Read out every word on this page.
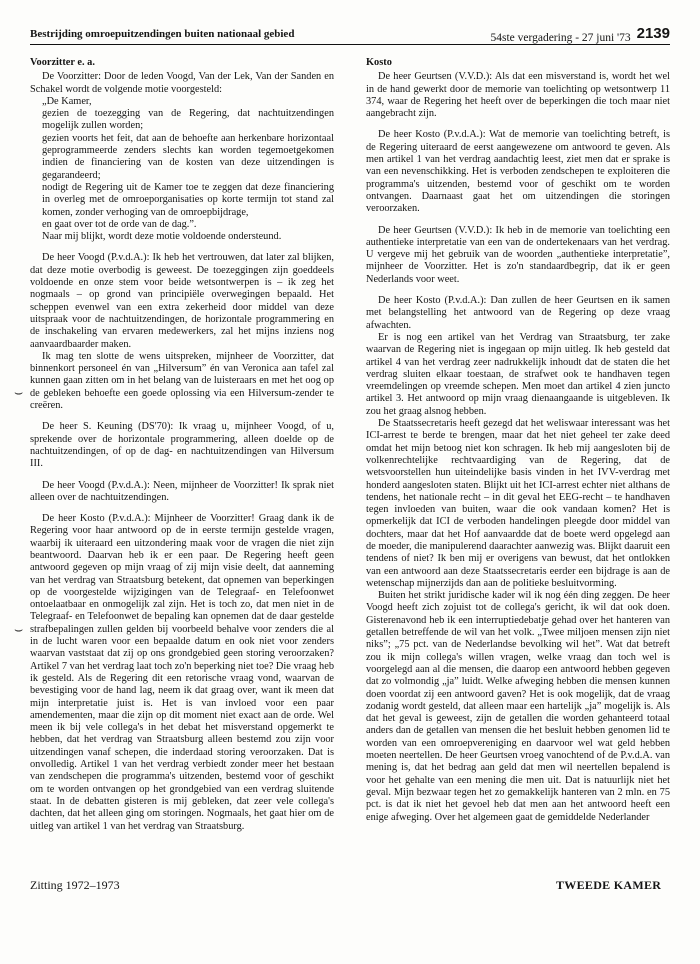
Bestrijding omroepuitzendingen buiten nationaal gebied	54ste vergadering - 27 juni '73 2139

Voorzitter e. a.

De Voorzitter: Door de leden Voogd, Van der Lek, Van der Sanden en Schakel wordt de volgende motie voorgesteld:

„De Kamer,

gezien de toezegging van de Regering, dat nachtuitzendingen mogelijk zullen worden;

gezien voorts het feit, dat aan de behoefte aan herkenbare horizontaal geprogrammeerde zenders slechts kan worden tegemoetgekomen indien de financiering van de kosten van deze uitzendingen is gegarandeerd;

nodigt de Regering uit de Kamer toe te zeggen dat deze financiering in overleg met de omroeporganisaties op korte termijn tot stand zal komen, zonder verhoging van de omroepbijdrage,

en gaat over tot de orde van de dag.”.

Naar mij blijkt, wordt deze motie voldoende ondersteund.

De heer Voogd (P.v.d.A.): Ik heb het vertrouwen, dat later zal blijken, dat deze motie overbodig is geweest. De toezeggingen zijn goeddeels voldoende en onze stem voor beide wetsontwerpen is – ik zeg het nogmaals – op grond van principiële overwegingen bepaald. Het scheppen evenwel van een extra zekerheid door middel van deze uitspraak voor de nachtuitzendingen, de horizontale programmering en de inschakeling van ervaren medewerkers, zal het mijns inziens nog aanvaardbaarder maken.

Ik mag ten slotte de wens uitspreken, mijnheer de Voorzitter, dat binnenkort personeel én van „Hilversum” én van Veronica aan tafel zal kunnen gaan zitten om in het belang van de luisteraars en met het oog op de gebleken behoefte een goede oplossing via een Hilversum-zender te creëren.

De heer S. Keuning (DS'70): Ik vraag u, mijnheer Voogd, of u, sprekende over de horizontale programmering, alleen doelde op de nachtuitzendingen, of op de dag- en nachtuitzendingen van Hilversum III.

De heer Voogd (P.v.d.A.): Neen, mijnheer de Voorzitter! Ik sprak niet alleen over de nachtuitzendingen.

De heer Kosto (P.v.d.A.): Mijnheer de Voorzitter! Graag dank ik de Regering voor haar antwoord op de in eerste termijn gestelde vragen, waarbij ik uiteraard een uitzondering maak voor de vragen die niet zijn beantwoord. Daarvan heb ik er een paar. De Regering heeft geen antwoord gegeven op mijn vraag of zij mijn visie deelt, dat aanneming van het verdrag van Straatsburg betekent, dat opnemen van beperkingen op de voorgestelde wijzigingen van de Telegraaf- en Telefoonwet ontoelaatbaar en onmogelijk zal zijn. Het is toch zo, dat men niet in de Telegraaf- en Telefoonwet de bepaling kan opnemen dat de daar gestelde strafbepalingen zullen gelden bij voorbeeld behalve voor zenders die al in de lucht waren voor een bepaalde datum en ook niet voor zenders waarvan vaststaat dat zij op ons grondgebied geen storing veroorzaken? Artikel 7 van het verdrag laat toch zo'n beperking niet toe? Die vraag heb ik gesteld. Als de Regering dit een retorische vraag vond, waarvan de bevestiging voor de hand lag, neem ik dat graag over, want ik meen dat mijn interpretatie juist is. Het is van invloed voor een paar amendementen, maar die zijn op dit moment niet exact aan de orde. Wel meen ik bij vele collega's in het debat het misverstand opgemerkt te hebben, dat het verdrag van Straatsburg alleen bestemd zou zijn voor uitzendingen vanaf schepen, die inderdaad storing veroorzaken. Dat is onvolledig. Artikel 1 van het verdrag verbiedt zonder meer het bestaan van zendschepen die programma's uitzenden, bestemd voor of geschikt om te worden ontvangen op het grondgebied van een verdrag sluitende staat. In de debatten gisteren is mij gebleken, dat zeer vele collega's dachten, dat het alleen ging om storingen. Nogmaals, het gaat hier om de uitleg van artikel 1 van het verdrag van Straatsburg.

Kosto

De heer Geurtsen (V.V.D.): Als dat een misverstand is, wordt het wel in de hand gewerkt door de memorie van toelichting op wetsontwerp 11 374, waar de Regering het heeft over de beperkingen die toch maar niet aangebracht zijn.

De heer Kosto (P.v.d.A.): Wat de memorie van toelichting betreft, is de Regering uiteraard de eerst aangewezene om antwoord te geven. Als men artikel 1 van het verdrag aandachtig leest, ziet men dat er sprake is van een nevenschikking. Het is verboden zendschepen te exploiteren die programma's uitzenden, bestemd voor of geschikt om te worden ontvangen. Daarnaast gaat het om uitzendingen die storingen veroorzaken.

De heer Geurtsen (V.V.D.): Ik heb in de memorie van toelichting een authentieke interpretatie van een van de ondertekenaars van het verdrag. U vergeve mij het gebruik van de woorden „authentieke interpretatie”, mijnheer de Voorzitter. Het is zo'n standaardbegrip, dat ik er geen Nederlands voor weet.

De heer Kosto (P.v.d.A.): Dan zullen de heer Geurtsen en ik samen met belangstelling het antwoord van de Regering op deze vraag afwachten.

Er is nog een artikel van het Verdrag van Straatsburg, ter zake waarvan de Regering niet is ingegaan op mijn uitleg. Ik heb gesteld dat artikel 4 van het verdrag zeer nadrukkelijk inhoudt dat de staten die het verdrag sluiten elkaar toestaan, de strafwet ook te handhaven tegen vreemdelingen op vreemde schepen. Men moet dan artikel 4 zien juncto artikel 3. Het antwoord op mijn vraag dienaangaande is uitgebleven. Ik zou het graag alsnog hebben.

De Staatssecretaris heeft gezegd dat het weliswaar interessant was het ICI-arrest te berde te brengen, maar dat het niet geheel ter zake deed omdat het mijn betoog niet kon schragen. Ik heb mij aangesloten bij de volkenrechtelijke rechtvaardiging van de Regering, dat de wetsvoorstellen hun uiteindelijke basis vinden in het IVV-verdrag met honderd aangesloten staten. Blijkt uit het ICI-arrest echter niet althans de tendens, het nationale recht – in dit geval het EEG-recht – te handhaven tegen invloeden van buiten, waar die ook vandaan komen? Het is opmerkelijk dat ICI de verboden handelingen pleegde door middel van dochters, maar dat het Hof aanvaardde dat de boete werd opgelegd aan de moeder, die manipulerend daarachter aanwezig was. Blijkt daaruit een tendens of niet? Ik ben mij er overigens van bewust, dat het ontlokken van een antwoord aan deze Staatssecretaris eerder een bijdrage is aan de wetenschap mijnerzijds dan aan de politieke besluitvorming.

Buiten het strikt juridische kader wil ik nog één ding zeggen. De heer Voogd heeft zich zojuist tot de collega's gericht, ik wil dat ook doen. Gisterenavond heb ik een interruptiedebatje gehad over het hanteren van getallen betreffende de wil van het volk. „Twee miljoen mensen zijn niet niks”; „75 pct. van de Nederlandse bevolking wil het”. Wat dat betreft zou ik mijn collega's willen vragen, welke vraag dan toch wel is voorgelegd aan al die mensen, die daarop een antwoord hebben gegeven dat zo volmondig „ja” luidt. Welke afweging hebben die mensen kunnen doen voordat zij een antwoord gaven? Het is ook mogelijk, dat de vraag zodanig wordt gesteld, dat alleen maar een hartelijk „ja” mogelijk is. Als dat het geval is geweest, zijn de getallen die worden gehanteerd totaal anders dan de getallen van mensen die het besluit hebben genomen lid te worden van een omroepvereniging en daarvoor wel wat geld hebben moeten neertellen. De heer Geurtsen vroeg vanochtend of de P.v.d.A. van mening is, dat het bedrag aan geld dat men wil neertellen bepalend is voor het gehalte van een mening die men uit. Dat is natuurlijk niet het geval. Mijn bezwaar tegen het zo gemakkelijk hanteren van 2 mln. en 75 pct. is dat ik niet het gevoel heb dat men aan het antwoord heeft een enige afweging. Over het algemeen gaat de gemiddelde Nederlander

⌣
⌣
Zitting 1972–1973	TWEEDE KAMER
